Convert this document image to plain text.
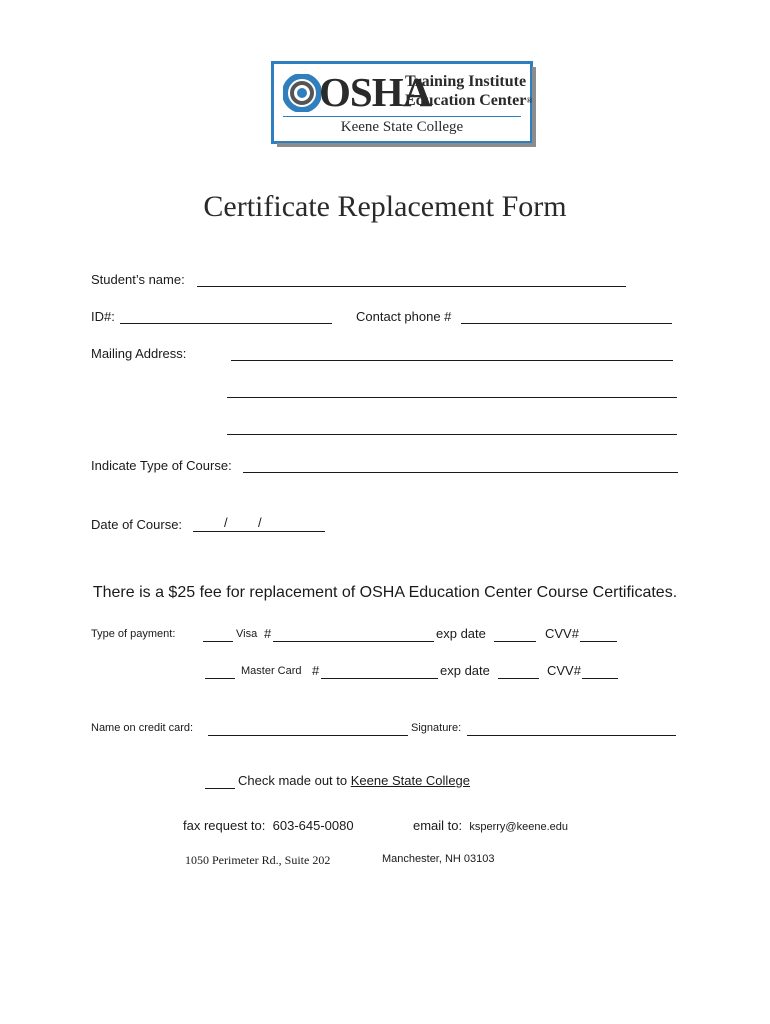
OSHA
Training Institute
Education Center®
Keene State College
Certificate Replacement Form
Student’s name:
ID#:	Contact phone #
Mailing Address:
Indicate Type of Course:
Date of Course:	/ /
There is a $25 fee for replacement of OSHA Education Center Course Certificates.
Type of payment:	Visa #	exp date	CVV#
Master Card #	exp date	CVV#
Name on credit card:	Signature:
Check made out to Keene State College
fax request to: 603-645-0080	email to: ksperry@keene.edu
1050 Perimeter Rd., Suite 202	Manchester, NH 03103
